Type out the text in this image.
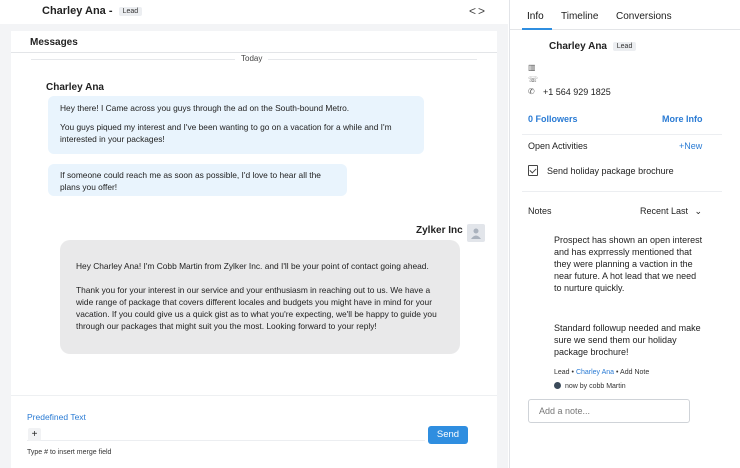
Charley Ana - Lead	<>
Messages
Today
Charley Ana

Hey there! I Came across you guys through the ad on the South-bound Metro.

You guys piqued my interest and I've been wanting to go on a vacation for a while and I'm interested in your packages!

If someone could reach me as soon as possible, I'd love to hear all the plans you offer!

Zylker Inc

Hey Charley Ana! I'm Cobb Martin from Zylker Inc. and I'll be your point of contact going ahead.

Thank you for your interest in our service and your enthusiasm in reaching out to us. We have a wide range of package that covers different locales and budgets you might have in mind for your vacation. If you could give us a quick gist as to what you're expecting, we'll be happy to guide you through our packages that might suit you the most. Looking forward to your reply!

Predefined Text
+	Send
Type # to insert merge field
Info Timeline Conversions
Charley Ana Lead
▥
☏
✆ +1 564 929 1825
0 Followers	More Info
Open Activities	+New
Send holiday package brochure
Notes	Recent Last ⌄
Prospect has shown an open interest and has exprressly mentioned that they were planning a vaction in the near future. A hot lead that we need to nurture quickly.
Standard followup needed and make sure we send them our holiday package brochure!
Lead • Charley Ana • Add Note
now by cobb Martin
Add a note...
